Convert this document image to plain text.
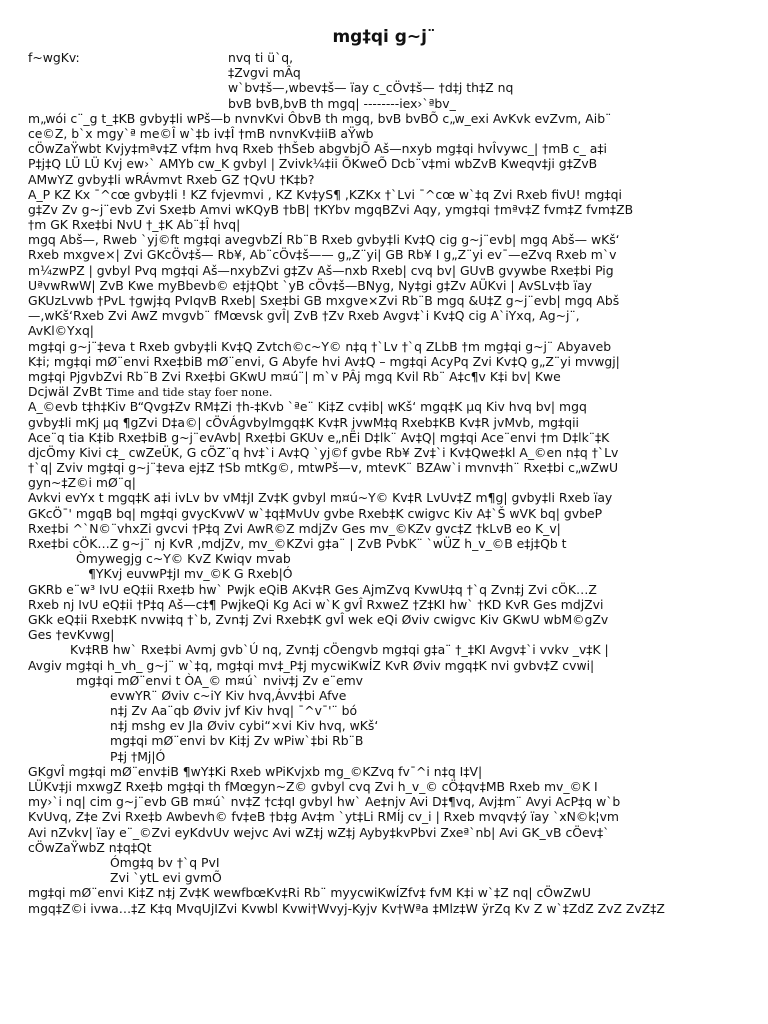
mg‡qi g~j¨
f~wgKv:	nvq ti ü`q,
‡Zvgvi mÂq
w`bv‡š—,wbev‡š— ïay c_cÖv‡š— †d‡j th‡Z nq
bvB bvB,bvB th mgq| --------iex›`ªbv_
m„wói c¨_g t_‡KB gvby‡li wPš—b nvnvKvi ÔbvB th mgq, bvB bvBÕ c„w_exi AvKvk evZvm, Aib¨
ce©Z, b`x mgy`ª me©Î w`‡b iv‡Î †mB nvnvKv‡iiB aŸwb
cÖwZaŸwbt Kvjy‡mªv‡Z vf‡m hvq Rxeb †hŠeb abgvbjÕ Aš—nxyb mg‡qi hvÎvywc_| †mB c_ a‡i
P‡j‡Q LÜ LÜ Kvj ew›` AMYb cw_K gvbyl | Zvivk¼‡ii ÕKweÕ Dcb¨v‡mi wbZvB Kweqv‡ji g‡ZvB
AMwYZ gvby‡li wRÁvmvt Rxeb GZ †QvU †K‡b?
A_P KZ Kx ¯^cœ gvby‡li ! KZ fvjevmvi , KZ Kv‡yS¶ ,KZKx †`Lvi ¯^cœ w`‡q Zvi Rxeb fivU! mg‡qi
g‡Zv Zv g~j¨evb Zvi Sxe‡b Amvi wKQyB †bB| †KYbv mgqBZvi Aqy, ymg‡qi †mªv‡Z fvm‡Z fvm‡ZB
†m GK Rxe‡bi NvU †_‡K Ab¨‡Î hvq|
mgq Abš—, Rweb `yj©ft mg‡qi avegvbZÍ Rb¨B Rxeb gvby‡li Kv‡Q cig g~j¨evb| mgq Abš— wKš‘
Rxeb mxgve×| Zvi GKcÖv‡š— Rb¥, Ab¨cÖv‡š—— g„Z¨yi| GB Rb¥ I g„Z¨yi ev¯—eZvq Rxeb m`v
m¼zwPZ | gvbyl Pvq mg‡qi Aš—nxybZvi g‡Zv Aš—nxb Rxeb| cvq bv| GUvB gvywbe Rxe‡bi Pig
UªvwRwW| ZvB Kwe myBbevb© e‡j‡Qbt `yB cÖv‡š—BNyg, Ny‡gi g‡Zv AÜKvi | AvSLv‡b ïay
GKUzLvwb †PvL †gwj‡q PvIqvB Rxeb| Sxe‡bi GB mxgve×Zvi Rb¨B mgq &U‡Z g~j¨evb| mgq Abš
—,wKš‘Rxeb Zvi AwZ mvgvb¨ fMœvsk gvÎ| ZvB †Zv Rxeb Avgv‡`i Kv‡Q cig A`iYxq, Ag~j¨,
AvKl©Yxq|
mg‡qi g~j¨‡eva t Rxeb gvby‡li Kv‡Q Zvtch©c~Y© n‡q †`Lv †`q ZLbB †m mg‡qi g~j¨ Abyaveb
K‡i; mg‡qi mØ¨envi Rxe‡biB mØ¨envi, G Abyfe hvi Av‡Q – mg‡qi AcyPq Zvi Kv‡Q g„Z¨yi mvwgj|
mg‡qi PjgvbZvi Rb¨B Zvi Rxe‡bi GKwU m¤ú¨| m`v PÂj mgq Kvil Rb¨ A‡c¶v K‡i bv| Kwe
Dcjwäl ZvBt Time and tide stay foer none.
A_©evb t‡h‡Kiv B“Qvg‡Zv RM‡Zi †h-‡Kvb `ªe¨ Ki‡Z cv‡ib| wKš‘ mgq‡K µq Kiv hvq bv| mgq
gvby‡li mKj µq ¶gZvi D‡a©| cÖvÁgvbylmgq‡K Kv‡R jvwM‡q Rxeb‡KB Kv‡R jvMvb, mg‡qii
Ace¨q tia K‡ib Rxe‡biB g~j¨evAvb| Rxe‡bi GKUv e„nËi D‡lk¨ Av‡Q| mg‡qi Ace¨envi †m D‡lk¨‡K
djcÖmy Kivi c‡_ cwZeÜK, G cÖZ¨q hv‡`i Av‡Q `yj©f gvbe Rb¥ Zv‡`i Kv‡Qwe‡kl A_©en n‡q †`Lv
†`q| Zviv mg‡qi g~j¨‡eva ej‡Z †Sb mtKg©, mtwPš—v, mtevK¨ BZAw`i mvnv‡h¨ Rxe‡bi c„wZwU
gyn~‡Z©i mØ¨q|
Avkvi evYx t mgq‡K a‡i ivLv bv vM‡jI Zv‡K gvbyl m¤ú~Y© Kv‡R LvUv‡Z m¶g| gvby‡li Rxeb ïay
GKcÖ¯' mgqB bq| mg‡qi gvycKvwV w`‡q‡MvUv gvbe Rxeb‡K cwigvc Kiv A‡`Š wVK bq| gvbeP
Rxe‡bi ^`N©¨vhxZi gvcvi †P‡q Zvi AwR©Z mdjZv Ges mv_©KZv gvc‡Z †kLvB eo K_v|
Rxe‡bi cÖK…Z g~j¨ nj KvR ,mdjZv, mv_©KZvi g‡a¨ | ZvB PvbK¨ `wÜZ h_v_©B e‡j‡Qb t
Òmywegjg c~Y© KvZ Kwiqv mvab
¶YKvj euvwP‡jI mv_©K G Rxeb|Ó
GKRb e¨w³ IvU eQ‡ii Rxe‡b hw` Pwjk eQiB AKv‡R Ges AjmZvq KvwU‡q †`q Zvn‡j Zvi cÖK…Z
Rxeb nj IvU eQ‡ii †P‡q Aš—c‡¶ PwjkeQi Kg Aci w`K gvÎ RxweZ †Z‡KI hw` †KD KvR Ges mdjZvi
GKk eQ‡ii Rxeb‡K nvwi‡q †`b, Zvn‡j Zvi Rxeb‡K gvÎ wek eQi Øviv cwigvc Kiv GKwU wbM©gZv
Ges †evKvwg|
Kv‡RB hw` Rxe‡bi Avmj gvb`Ú nq, Zvn‡j cÖengvb mg‡qi g‡a¨ †_‡KI Avgv‡`i vvkv _v‡K |
Avgiv mg‡qi h_vh_ g~j¨ w`‡q, mg‡qi mv‡_P‡j mycwiKwÍZ KvR Øviv mgq‡K nvi gvbv‡Z cvwi|
mg‡qi mØ¨envi t ÒA_© m¤ú` nviv‡j Zv e¨emv
evwYR¨ Øviv c~iY Kiv hvq,Ávv‡bi Afve
n‡j Zv Aa¨qb Øviv jvf Kiv hvq| ¯^v¯'¨ bó
n‡j mshg ev Jla Øviv cybi“×vi Kiv hvq, wKš‘
mg‡qi mØ¨envi bv Ki‡j Zv wPiw`‡bi Rb¨B
P‡j †Mj|Ó
GKgvÎ mg‡qi mØ¨env‡iB ¶wY‡Ki Rxeb wPiKvjxb mg_©KZvq fv¯^i n‡q I‡V|
LÜKv‡ji mxwgZ Rxe‡b mg‡qi th fMœgyn~Z© gvbyl cvq Zvi h_v_© cÖ‡qv‡MB Rxeb mv_©K I
my›`i nq| cim g~j¨evb GB m¤ú` nv‡Z †c‡qI gvbyl hw` Ae‡njv Avi D‡¶vq, Avj‡m¨ Avyi AcP‡q w`b
KvUvq, Z‡e Zvi Rxe‡b Awbevh© fv‡eB †b‡g Av‡m `yt‡Li RMÍj cv_i | Rxeb mvqv‡ý ïay `xN©k¦vm
Avi nZvkv| ïay e¨_©Zvi eyKdvUv wejvc Avi wZ‡j wZ‡j Ayby‡kvPbvi Zxeª`nb| Avi GK_vB cÖev‡`
cÖwZaŸwbZ n‡q‡Qt
Ómg‡q bv †`q PvI
Zvi `ytL evi gvmÕ
mg‡qi mØ¨envi Ki‡Z n‡j Zv‡K wewfbœKv‡Ri Rb¨ myycwiKwÍZfv‡ fvM K‡i w`‡Z nq| cÖwZwU
mgq‡Z©i ivwa…‡Z K‡q MvqUjIZvi Kvwbl Kvwi†Wvyj-Kyjv Kv†Wªa ‡Mlz‡W ÿrZq Kv Z w`‡ZdZ ZvZ ZvZ‡Z
